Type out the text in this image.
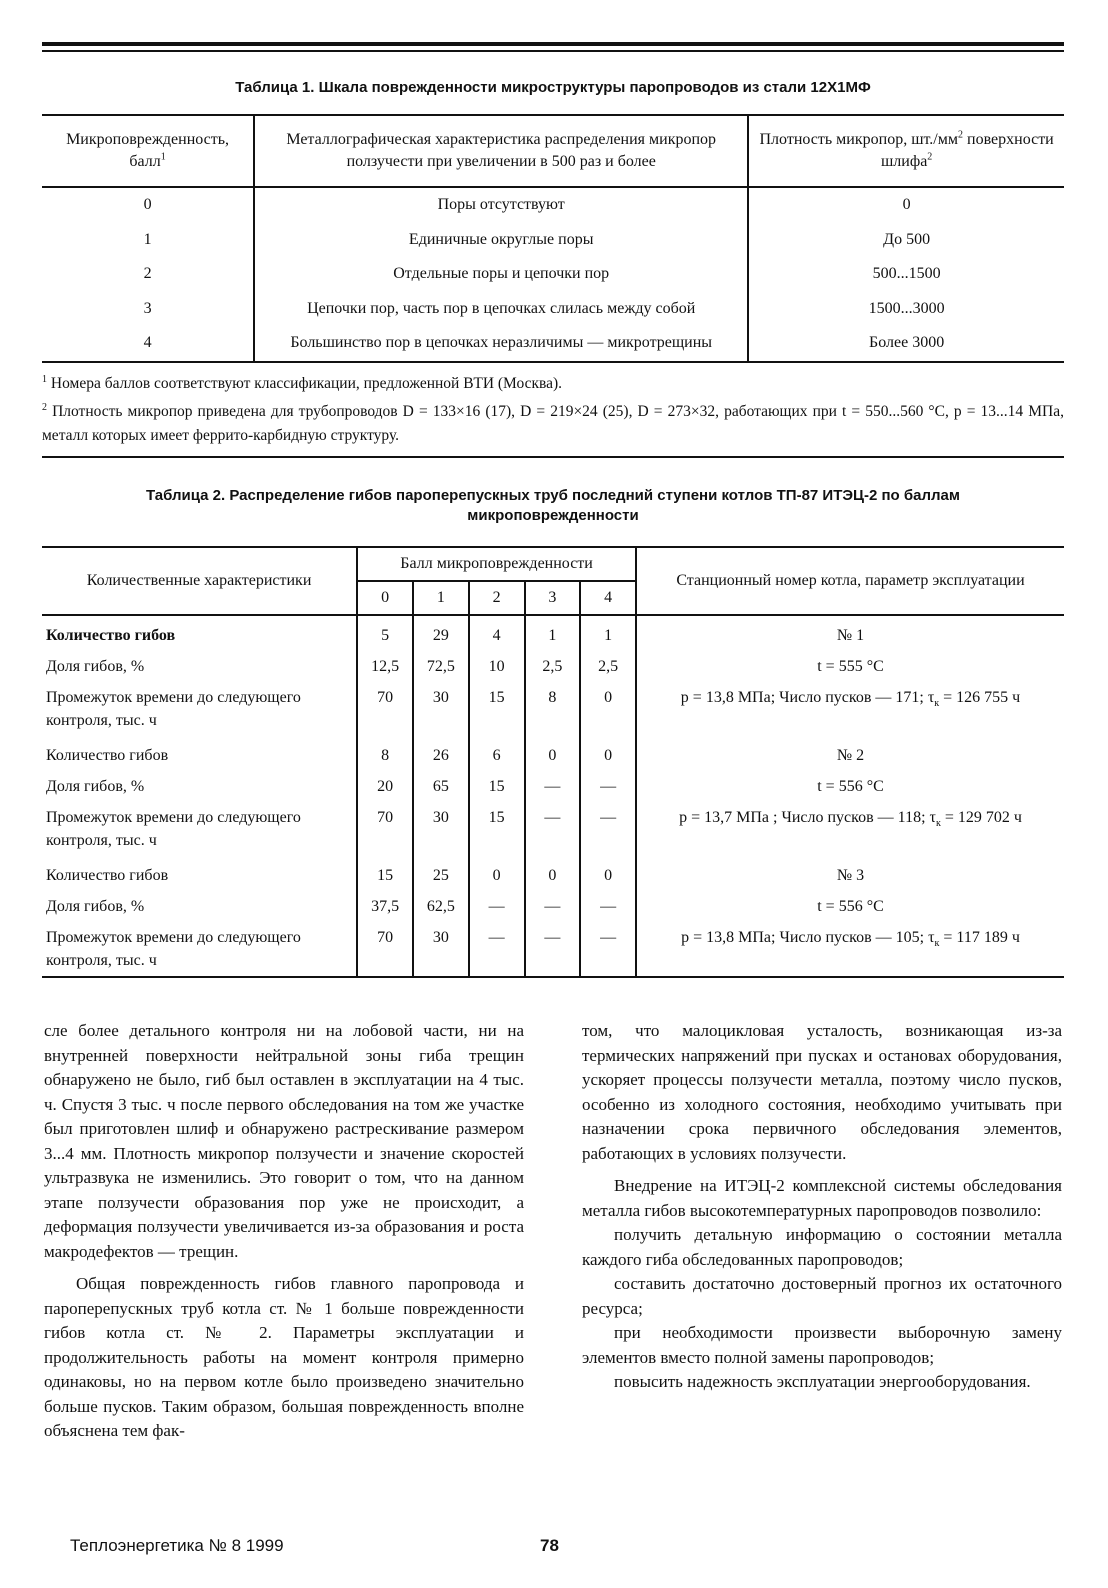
Таблица 1. Шкала поврежденности микроструктуры паропроводов из стали 12Х1МФ
Микроповрежденность, балл$^1$	Металлографическая характеристика распределения микропор ползучести при увеличении в 500 раз и более	Плотность микропор, $шт./мм^2$ поверхности шлифа$^2$
0	Поры отсутствуют	0
1	Единичные округлые поры	До 500
2	Отдельные поры и цепочки пор	500...1500
3	Цепочки пор, часть пор в цепочках слилась между собой	1500...3000
4	Большинство пор в цепочках неразличимы — микротрещины	Более 3000
$^1$ Номера баллов соответствуют классификации, предложенной ВТИ (Москва).
$^2$ Плотность микропор приведена для трубопроводов D = 133×16 (17), D = 219×24 (25), D = 273×32, работающих при t = 550...560 °С, p = 13...14 МПа, металл которых имеет феррито-карбидную структуру.
Таблица 2. Распределение гибов пароперепускных труб последний ступени котлов ТП-87 ИТЭЦ-2 по баллам микроповрежденности
Количественные характеристики	Балл микроповрежденности					Станционный номер котла, параметр эксплуатации
	0	1	2	3	4	
Количество гибов	5	29	4	1	1	№ 1
Доля гибов, %	12,5	72,5	10	2,5	2,5	t = 555 °С
Промежуток времени до следующего контроля, тыс. ч	70	30	15	8	0	p = 13,8 МПа; Число пусков — 171; $\tau_к = 126$ 755 ч
Количество гибов	8	26	6	0	0	№ 2
Доля гибов, %	20	65	15	—	—	t = 556 °С
Промежуток времени до следующего контроля, тыс. ч	70	30	15	—	—	p = 13,7 МПа ; Число пусков — 118; $\tau_к = 129$ 702 ч
Количество гибов	15	25	0	0	0	№ 3
Доля гибов, %	37,5	62,5	—	—	—	t = 556 °С
Промежуток времени до следующего контроля, тыс. ч	70	30	—	—	—	p = 13,8 МПа; Число пусков — 105; $\tau_к = 117$ 189 ч

сле более детального контроля ни на лобовой части, ни на внутренней поверхности нейтральной зоны гиба трещин обнаружено не было, гиб был оставлен в эксплуатации на 4 тыс. ч. Спустя 3 тыс. ч после первого обследования на том же участке был приготовлен шлиф и обнаружено растрескивание размером 3...4 мм. Плотность микропор ползучести и значение скоростей ультразвука не изменились. Это говорит о том, что на данном этапе ползучести образования пор уже не происходит, а деформация ползучести увеличивается из-за образования и роста макродефектов — трещин.

Общая поврежденность гибов главного паропровода и пароперепускных труб котла ст. № 1 больше поврежденности гибов котла ст. № 2. Параметры эксплуатации и продолжительность работы на момент контроля примерно одинаковы, но на первом котле было произведено значительно больше пусков. Таким образом, большая поврежденность вполне объяснена тем фак-

том, что малоцикловая усталость, возникающая из-за термических напряжений при пусках и остановах оборудования, ускоряет процессы ползучести металла, поэтому число пусков, особенно из холодного состояния, необходимо учитывать при назначении срока первичного обследования элементов, работающих в условиях ползучести.

Внедрение на ИТЭЦ-2 комплексной системы обследования металла гибов высокотемпературных паропроводов позволило:

получить детальную информацию о состоянии металла каждого гиба обследованных паропроводов;

составить достаточно достоверный прогноз их остаточного ресурса;

при необходимости произвести выборочную замену элементов вместо полной замены паропроводов;

повысить надежность эксплуатации энергооборудования.

Теплоэнергетика № 8 1999	78
